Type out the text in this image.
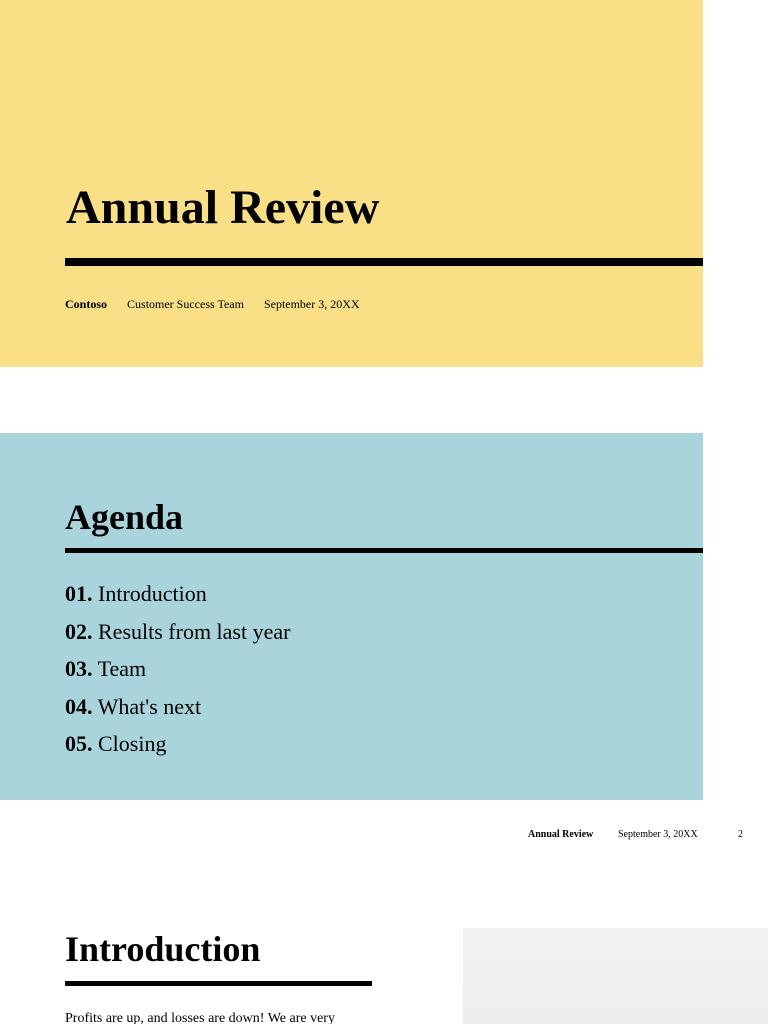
Annual Review
Contoso Customer Success Team September 3, 20XX
Agenda
01. Introduction
02. Results from last year
03. Team
04. What's next
05. Closing
Annual Review September 3, 20XX	2
Introduction
Profits are up, and losses are down! We are very
